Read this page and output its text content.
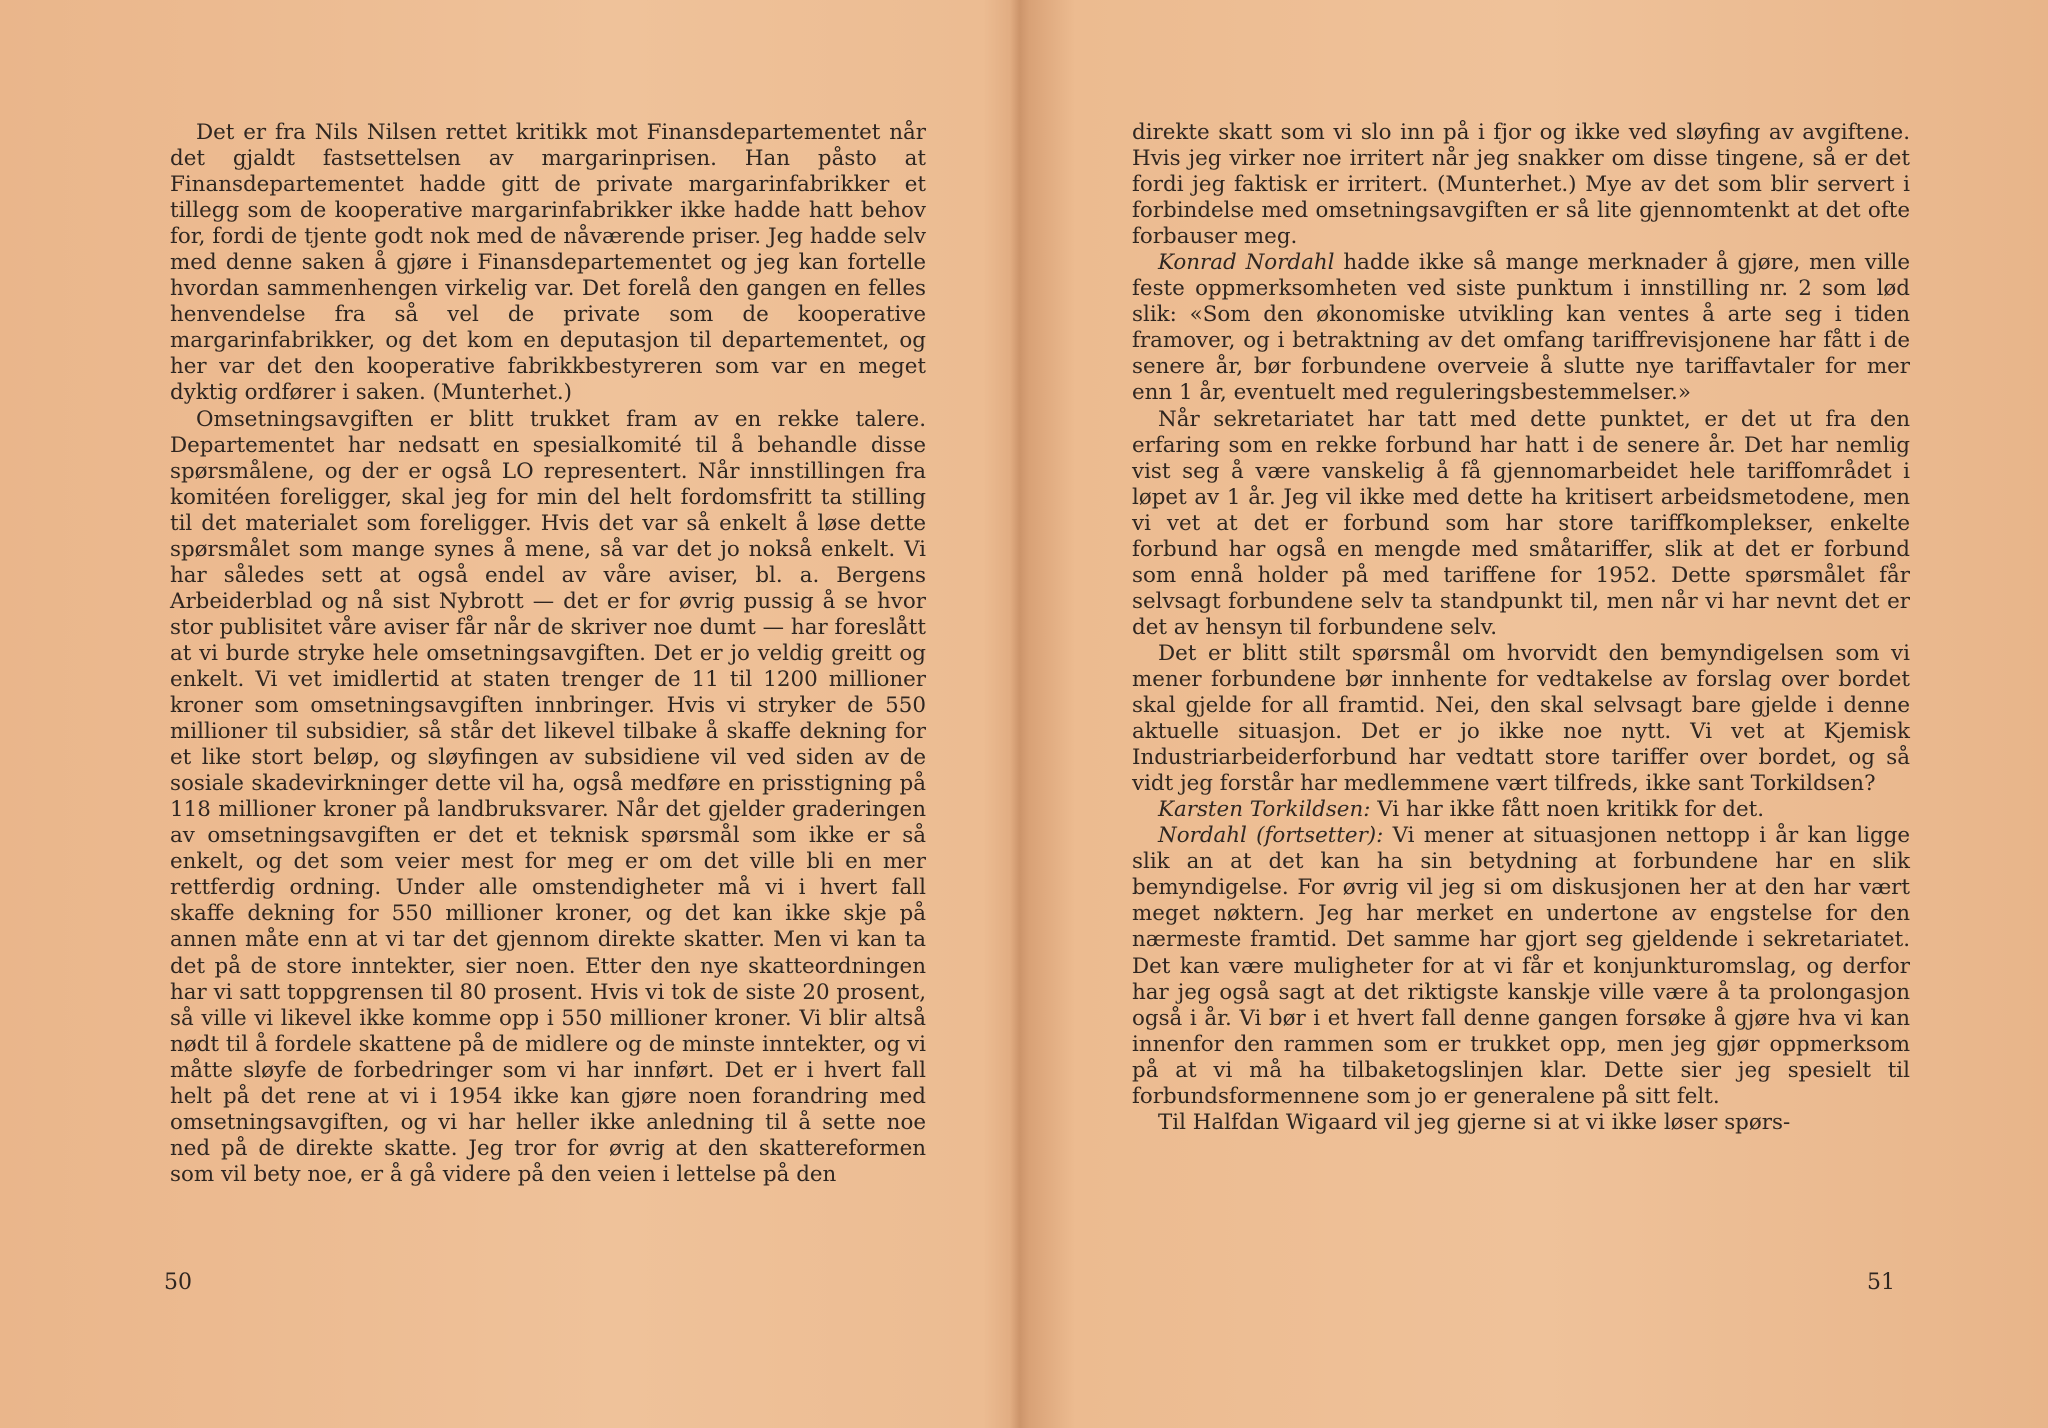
Det er fra Nils Nilsen rettet kritikk mot Finansdepartementet når det gjaldt fastsettelsen av margarinprisen. Han påsto at Finansdepartementet hadde gitt de private margarinfabrikker et tillegg som de kooperative margarinfabrikker ikke hadde hatt behov for, fordi de tjente godt nok med de nåværende priser. Jeg hadde selv med denne saken å gjøre i Finansdepartementet og jeg kan fortelle hvordan sammenhengen virkelig var. Det forelå den gangen en felles henvendelse fra så vel de private som de kooperative margarinfabrikker, og det kom en deputasjon til departementet, og her var det den kooperative fabrikkbestyreren som var en meget dyktig ordfører i saken. (Munterhet.)

Omsetningsavgiften er blitt trukket fram av en rekke talere. Departementet har nedsatt en spesialkomité til å behandle disse spørsmålene, og der er også LO representert. Når innstillingen fra komitéen foreligger, skal jeg for min del helt fordomsfritt ta stilling til det materialet som foreligger. Hvis det var så enkelt å løse dette spørsmålet som mange synes å mene, så var det jo nokså enkelt. Vi har således sett at også endel av våre aviser, bl. a. Bergens Arbeiderblad og nå sist Nybrott — det er for øvrig pussig å se hvor stor publisitet våre aviser får når de skriver noe dumt — har foreslått at vi burde stryke hele omsetningsavgiften. Det er jo veldig greitt og enkelt. Vi vet imidlertid at staten trenger de 11 til 1200 millioner kroner som omsetningsavgiften innbringer. Hvis vi stryker de 550 millioner til subsidier, så står det likevel tilbake å skaffe dekning for et like stort beløp, og sløyfingen av subsidiene vil ved siden av de sosiale skadevirkninger dette vil ha, også medføre en prisstigning på 118 millioner kroner på landbruksvarer. Når det gjelder graderingen av omsetningsavgiften er det et teknisk spørsmål som ikke er så enkelt, og det som veier mest for meg er om det ville bli en mer rettferdig ordning. Under alle omstendigheter må vi i hvert fall skaffe dekning for 550 millioner kroner, og det kan ikke skje på annen måte enn at vi tar det gjennom direkte skatter. Men vi kan ta det på de store inntekter, sier noen. Etter den nye skatteordningen har vi satt toppgrensen til 80 prosent. Hvis vi tok de siste 20 prosent, så ville vi likevel ikke komme opp i 550 millioner kroner. Vi blir altså nødt til å fordele skattene på de midlere og de minste inntekter, og vi måtte sløyfe de forbedringer som vi har innført. Det er i hvert fall helt på det rene at vi i 1954 ikke kan gjøre noen forandring med omsetningsavgiften, og vi har heller ikke anledning til å sette noe ned på de direkte skatte. Jeg tror for øvrig at den skattereformen som vil bety noe, er å gå videre på den veien i lettelse på den

50

direkte skatt som vi slo inn på i fjor og ikke ved sløyfing av avgiftene. Hvis jeg virker noe irritert når jeg snakker om disse tingene, så er det fordi jeg faktisk er irritert. (Munterhet.) Mye av det som blir servert i forbindelse med omsetningsavgiften er så lite gjennomtenkt at det ofte forbauser meg.

Konrad Nordahl hadde ikke så mange merknader å gjøre, men ville feste oppmerksomheten ved siste punktum i innstilling nr. 2 som lød slik: «Som den økonomiske utvikling kan ventes å arte seg i tiden framover, og i betraktning av det omfang tariffrevisjonene har fått i de senere år, bør forbundene overveie å slutte nye tariffavtaler for mer enn 1 år, eventuelt med reguleringsbestemmelser.»

Når sekretariatet har tatt med dette punktet, er det ut fra den erfaring som en rekke forbund har hatt i de senere år. Det har nemlig vist seg å være vanskelig å få gjennomarbeidet hele tariffområdet i løpet av 1 år. Jeg vil ikke med dette ha kritisert arbeidsmetodene, men vi vet at det er forbund som har store tariffkomplekser, enkelte forbund har også en mengde med småtariffer, slik at det er forbund som ennå holder på med tariffene for 1952. Dette spørsmålet får selvsagt forbundene selv ta standpunkt til, men når vi har nevnt det er det av hensyn til forbundene selv.

Det er blitt stilt spørsmål om hvorvidt den bemyndigelsen som vi mener forbundene bør innhente for vedtakelse av forslag over bordet skal gjelde for all framtid. Nei, den skal selvsagt bare gjelde i denne aktuelle situasjon. Det er jo ikke noe nytt. Vi vet at Kjemisk Industriarbeiderforbund har vedtatt store tariffer over bordet, og så vidt jeg forstår har medlemmene vært tilfreds, ikke sant Torkildsen?

Karsten Torkildsen: Vi har ikke fått noen kritikk for det.

Nordahl (fortsetter): Vi mener at situasjonen nettopp i år kan ligge slik an at det kan ha sin betydning at forbundene har en slik bemyndigelse. For øvrig vil jeg si om diskusjonen her at den har vært meget nøktern. Jeg har merket en undertone av engstelse for den nærmeste framtid. Det samme har gjort seg gjeldende i sekretariatet. Det kan være muligheter for at vi får et konjunkturomslag, og derfor har jeg også sagt at det riktigste kanskje ville være å ta prolongasjon også i år. Vi bør i et hvert fall denne gangen forsøke å gjøre hva vi kan innenfor den rammen som er trukket opp, men jeg gjør oppmerksom på at vi må ha tilbaketogslinjen klar. Dette sier jeg spesielt til forbundsformennene som jo er generalene på sitt felt.

Til Halfdan Wigaard vil jeg gjerne si at vi ikke løser spørs-

51
